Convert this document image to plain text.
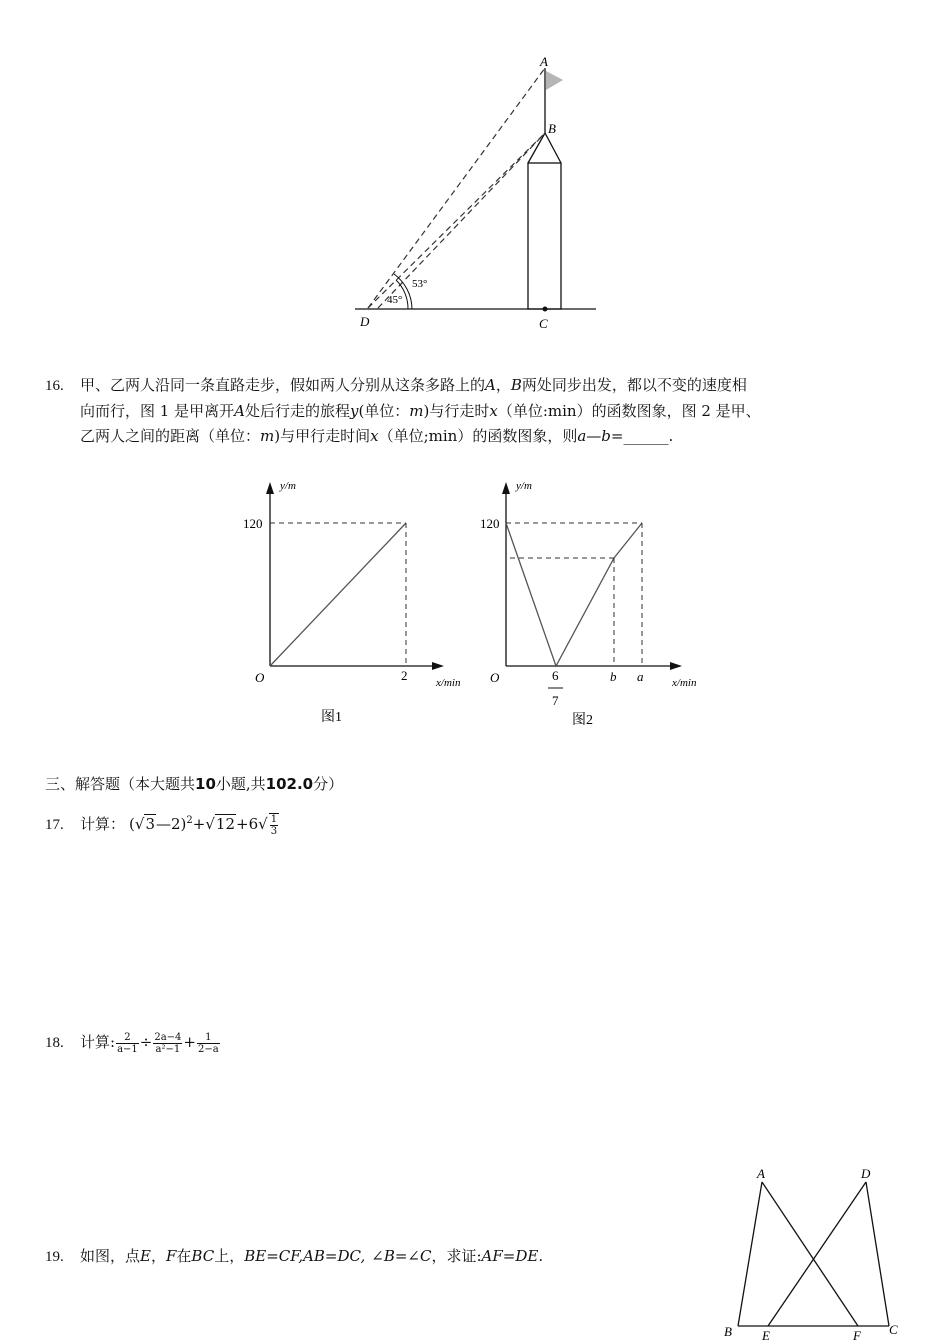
A
B
C
D
45°
53°
16. 甲、乙两人沿同一条直路走步，假如两人分别从这条多路上的A，B两处同步出发，都以不变的速度相
向而行，图 1 是甲离开A处后行走的旅程y(单位：m)与行走时x（单位:min）的函数图象，图 2 是甲、
乙两人之间的距离（单位：m)与甲行走时间x（单位;min）的函数图象，则a—b=______.
y/m
120
O	2	x/min
图1
y/m
120
O	6
7
b a	x/min
图2
三、解答题（本大题共10小题,共102.0分）
17. 计算： (√3—2)$^2$+√12+6√ $\frac{1}{3}$
18. 计算: $\frac{2}{a-1} \div \frac{2a-4}{\text{a²−1}} + \frac{1}{2-a}$
19. 如图，点E，F在BC上，BE=CF,AB=DC, ∠B=∠C，求证:AF=DE.
A	D
B E	F C
